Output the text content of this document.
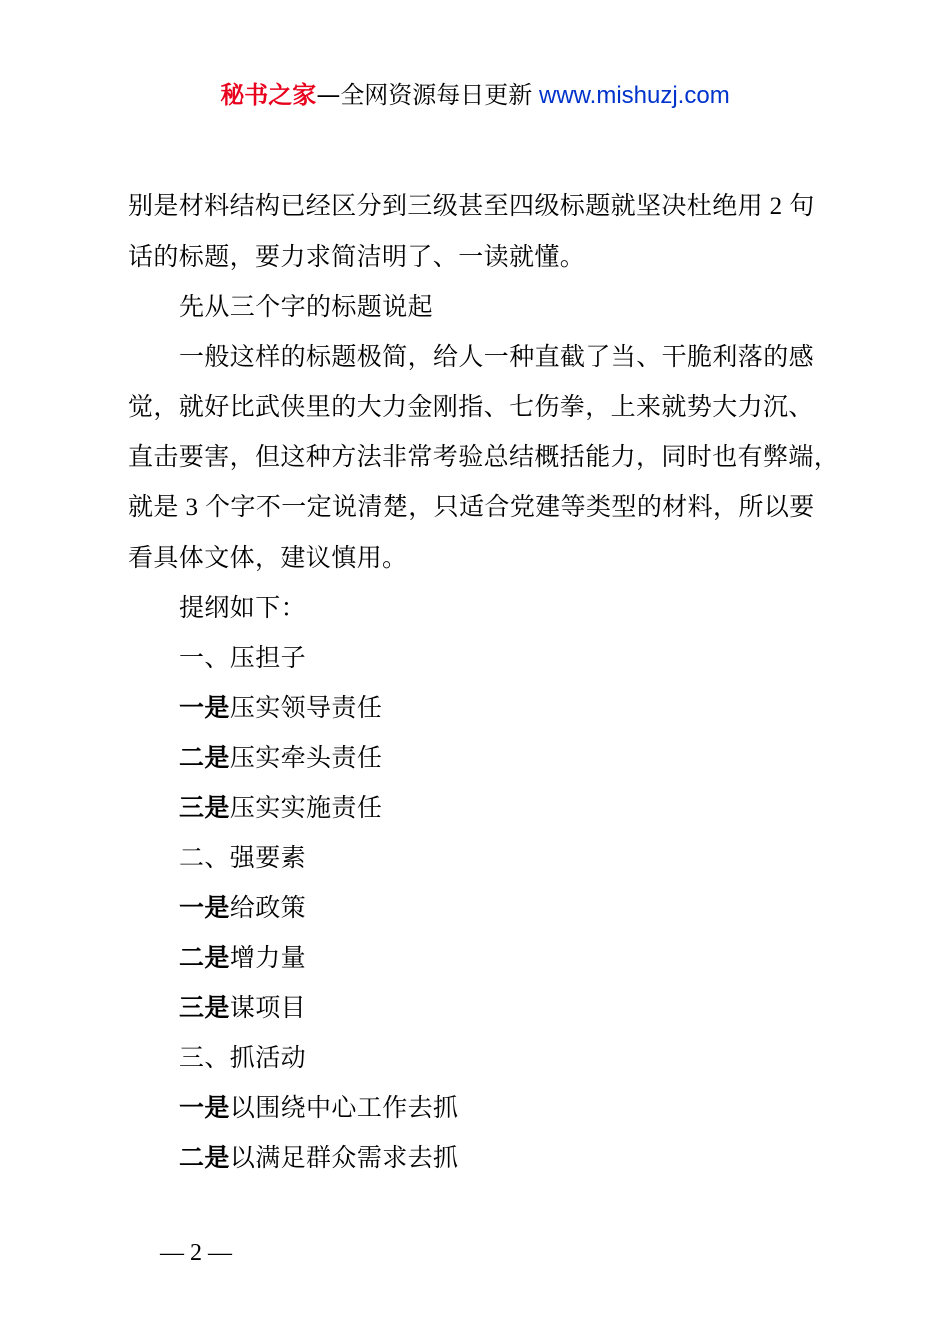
秘书之家—全网资源每日更新 www.mishuzj.com

别是材料结构已经区分到三级甚至四级标题就坚决杜绝用 2 句

话的标题，要力求简洁明了、一读就懂。

先从三个字的标题说起

一般这样的标题极简，给人一种直截了当、干脆利落的感

觉，就好比武侠里的大力金刚指、七伤拳，上来就势大力沉、

直击要害，但这种方法非常考验总结概括能力，同时也有弊端，

就是 3 个字不一定说清楚，只适合党建等类型的材料，所以要

看具体文体，建议慎用。

提纲如下：

一、压担子

一是压实领导责任

二是压实牵头责任

三是压实实施责任

二、强要素

一是给政策

二是增力量

三是谋项目

三、抓活动

一是以围绕中心工作去抓

二是以满足群众需求去抓

— 2 —
